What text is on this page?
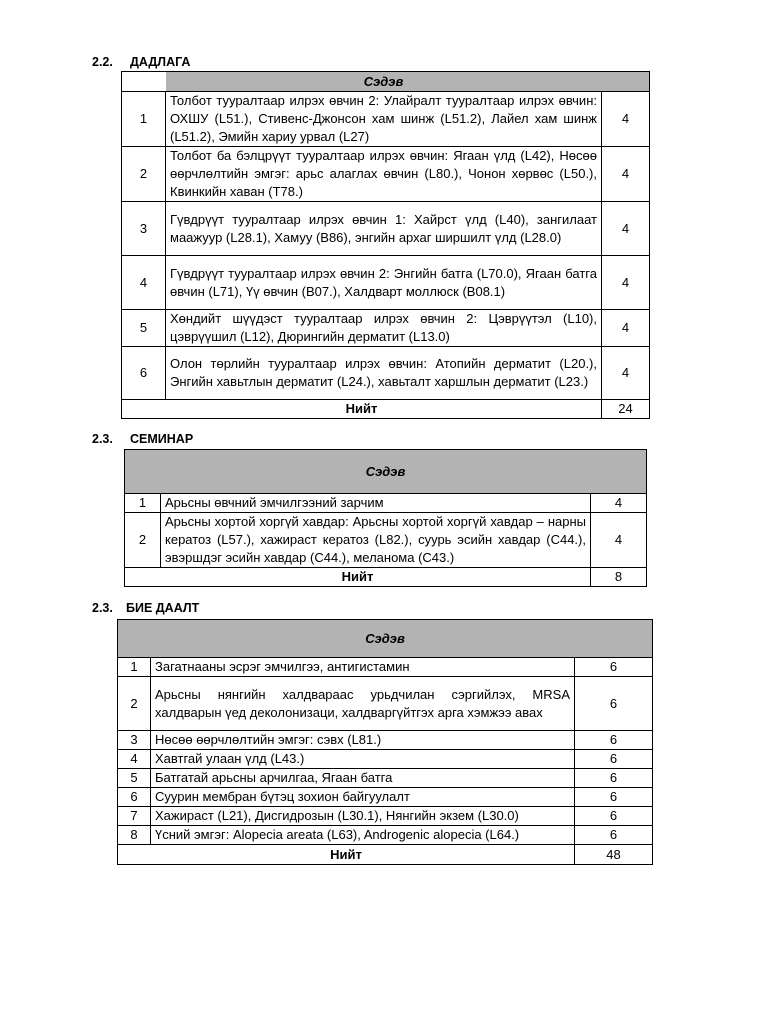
2.2. ДАДЛАГА
	Сэдэв	
1	Толбот тууралтаар илрэх өвчин 2: Улайралт тууралтаар илрэх өвчин: ОХШУ (L51.), Стивенс-Джонсон хам шинж (L51.2), Лайел хам шинж (L51.2), Эмийн хариу урвал (L27)	4
2	Толбот ба бэлцрүүт тууралтаар илрэх өвчин: Ягаан үлд (L42), Нөсөө өөрчлөлтийн эмгэг: арьс алаглах өвчин (L80.), Чонон хөрвөс (L50.), Квинкийн хаван (T78.)	4
3	Гүвдрүүт тууралтаар илрэх өвчин 1: Хайрст үлд (L40), зангилаат маажуур (L28.1), Хамуу (B86), энгийн архаг ширшилт үлд (L28.0)	4
4	Гүвдрүүт тууралтаар илрэх өвчин 2: Энгийн батга (L70.0), Ягаан батга өвчин (L71), Үү өвчин (B07.), Халдварт моллюск (B08.1)	4
5	Хөндийт шүүдэст тууралтаар илрэх өвчин 2: Цэврүүтэл (L10), цэврүүшил (L12), Дюрингийн дерматит (L13.0)	4
6	Олон төрлийн тууралтаар илрэх өвчин: Атопийн дерматит (L20.), Энгийн хавьтлын дерматит (L24.), хавьталт харшлын дерматит (L23.)	4
Нийт		24
2.3. СЕМИНАР
Сэдэв		
1	Арьсны өвчний эмчилгээний зарчим	4
2	Арьсны хортой хоргүй хавдар: Арьсны хортой хоргүй хавдар – нарны кератоз (L57.), хажираст кератоз (L82.), суурь эсийн хавдар (C44.), эвэршдэг эсийн хавдар (C44.), меланома (C43.)	4
Нийт		8
2.3. БИЕ ДААЛТ
Сэдэв		
1	Загатнааны эсрэг эмчилгээ, антигистамин	6
2	Арьсны нянгийн халдвараас урьдчилан сэргийлэх, MRSA халдварын үед деколонизаци, халдваргүйтгэх арга хэмжээ авах	6
3	Нөсөө өөрчлөлтийн эмгэг: сэвх (L81.)	6
4	Хавтгай улаан үлд (L43.)	6
5	Батгатай арьсны арчилгаа, Ягаан батга	6
6	Суурин мембран бүтэц зохион байгуулалт	6
7	Хажираст (L21), Дисгидрозын (L30.1), Нянгийн экзем (L30.0)	6
8	Үсний эмгэг: Alopecia areata (L63), Androgenic alopecia (L64.)	6
Нийт		48
